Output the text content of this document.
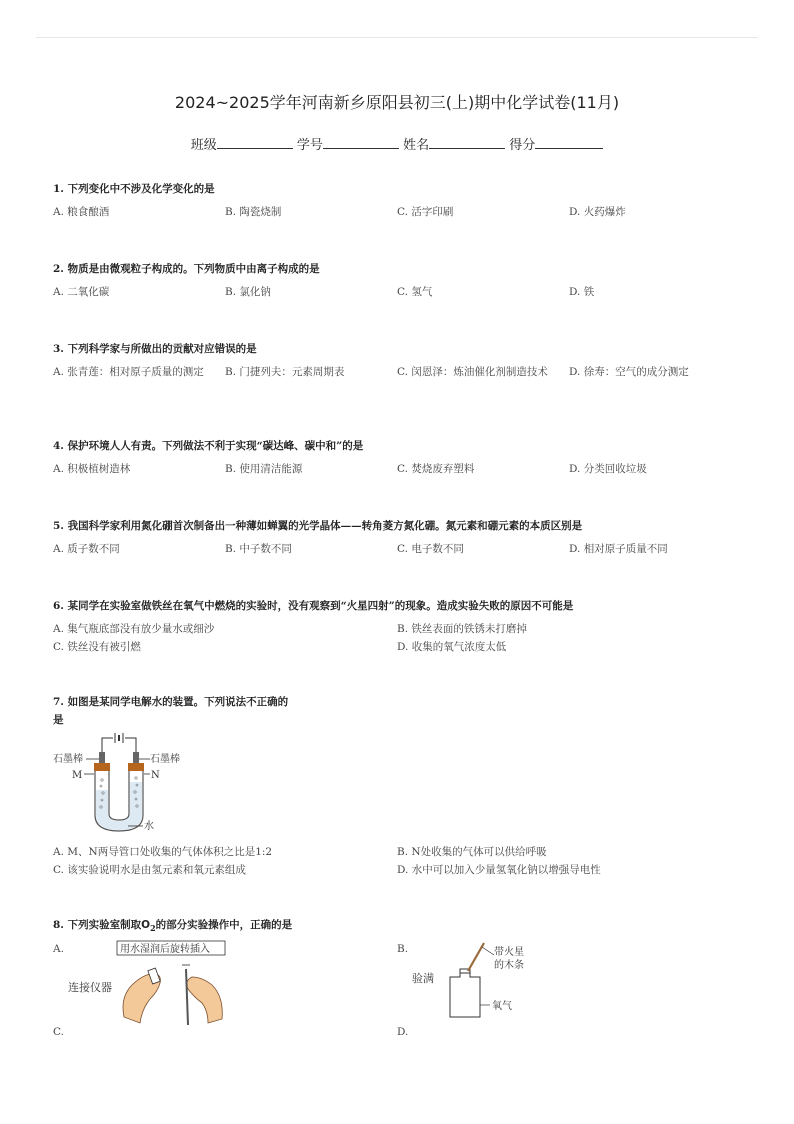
2024~2025学年河南新乡原阳县初三(上)期中化学试卷(11月)
班级	学号	姓名	得分
1. 下列变化中不涉及化学变化的是
A. 粮食酿酒	B. 陶瓷烧制	C. 活字印刷	D. 火药爆炸
2. 物质是由微观粒子构成的。下列物质中由离子构成的是
A. 二氧化碳	B. 氯化钠	C. 氢气	D. 铁
3. 下列科学家与所做出的贡献对应错误的是
A. 张青莲：相对原子质量的测定	B. 门捷列夫：元素周期表	C. 闵恩泽：炼油催化剂制造技术	D. 徐寿：空气的成分测定
4. 保护环境人人有责。下列做法不利于实现“碳达峰、碳中和”的是
A. 积极植树造林	B. 使用清洁能源	C. 焚烧废弃塑料	D. 分类回收垃圾
5. 我国科学家利用氮化硼首次制备出一种薄如蝉翼的光学晶体——转角菱方氮化硼。氮元素和硼元素的本质区别是
A. 质子数不同	B. 中子数不同	C. 电子数不同	D. 相对原子质量不同
6. 某同学在实验室做铁丝在氧气中燃烧的实验时，没有观察到“火星四射”的现象。造成实验失败的原因不可能是
A. 集气瓶底部没有放少量水或细沙	B. 铁丝表面的铁锈未打磨掉
C. 铁丝没有被引燃	D. 收集的氧气浓度太低
7. 如图是某同学电解水的装置。下列说法不正确的
是
石墨棒	石墨棒
M	N
水
A. M、N两导管口处收集的气体体积之比是1:2	B. N处收集的气体可以供给呼吸
C. 该实验说明水是由氢元素和氧元素组成	D. 水中可以加入少量氢氧化钠以增强导电性
8. 下列实验室制取$O_2$的部分实验操作中，正确的是
A.	用水湿润后旋转插入
连接仪器
B.
验满
带火星
的木条
氧气
C.	D.
